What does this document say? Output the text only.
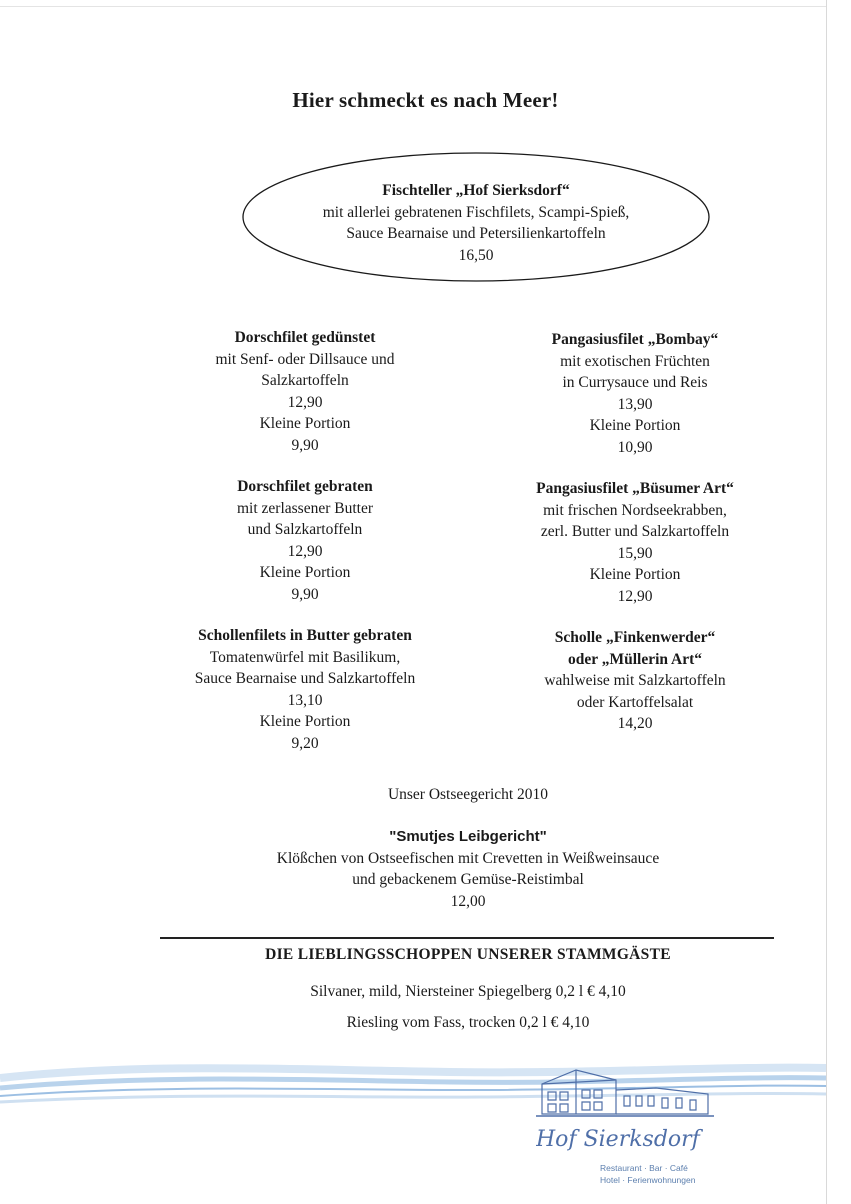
Hier schmeckt es nach Meer!
Fischteller „Hof Sierksdorf“
mit allerlei gebratenen Fischfilets, Scampi-Spieß,
Sauce Bearnaise und Petersilienkartoffeln
16,50
Dorschfilet gedünstet
mit Senf- oder Dillsauce und
Salzkartoffeln
12,90
Kleine Portion
9,90
Dorschfilet gebraten
mit zerlassener Butter
und Salzkartoffeln
12,90
Kleine Portion
9,90
Schollenfilets in Butter gebraten
Tomatenwürfel mit Basilikum,
Sauce Bearnaise und Salzkartoffeln
13,10
Kleine Portion
9,20
Pangasiusfilet „Bombay“
mit exotischen Früchten
in Currysauce und Reis
13,90
Kleine Portion
10,90
Pangasiusfilet „Büsumer Art“
mit frischen Nordseekrabben,
zerl. Butter und Salzkartoffeln
15,90
Kleine Portion
12,90
Scholle „Finkenwerder“
oder „Müllerin Art“
wahlweise mit Salzkartoffeln
oder Kartoffelsalat
14,20
Unser Ostseegericht 2010
"Smutjes Leibgericht"
Klößchen von Ostseefischen mit Crevetten in Weißweinsauce
und gebackenem Gemüse-Reistimbal
12,00
DIE LIEBLINGSSCHOPPEN UNSERER STAMMGÄSTE
Silvaner, mild, Niersteiner Spiegelberg 0,2 l € 4,10
Riesling vom Fass, trocken 0,2 l € 4,10
Hof Sierksdorf
Restaurant · Bar · Café
Hotel · Ferienwohnungen
